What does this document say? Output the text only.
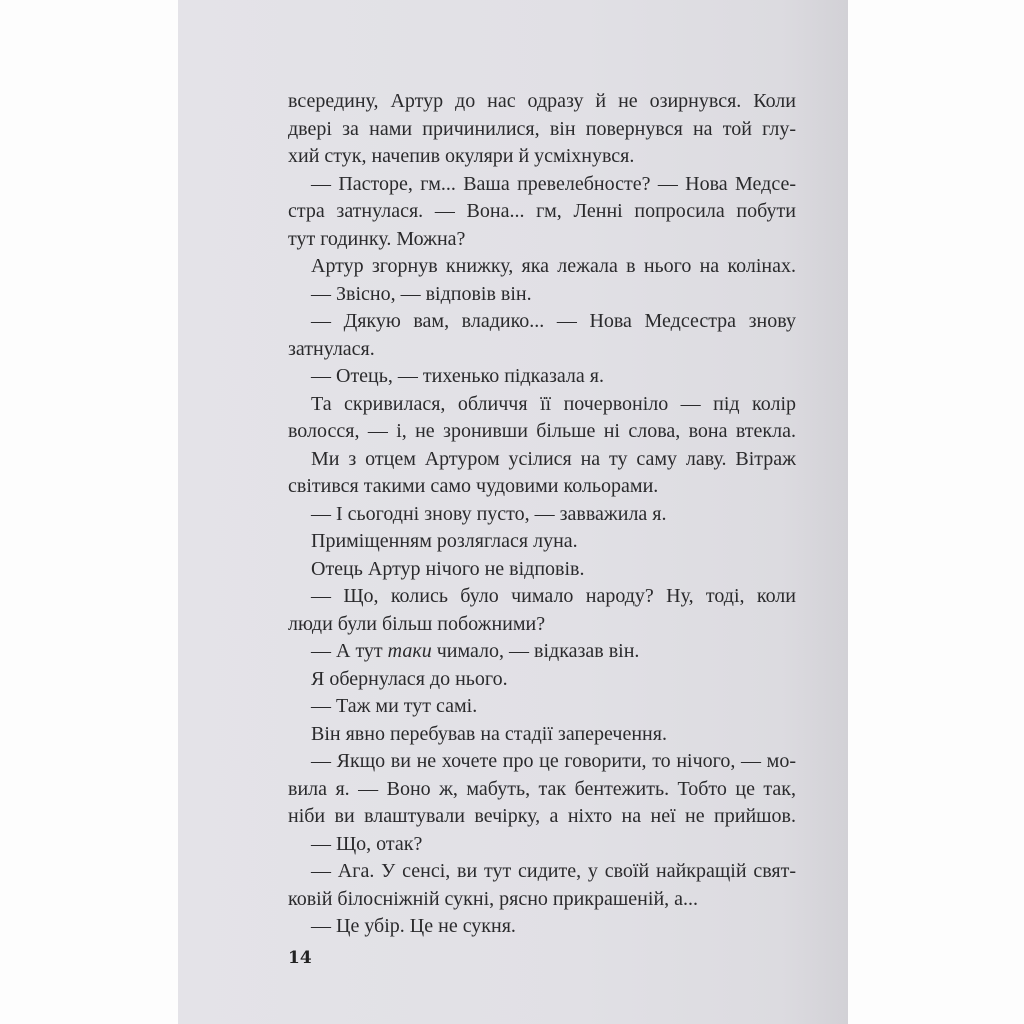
всередину, Артур до нас одразу й не озирнувся. Коли
двері за нами причинилися, він повернувся на той глу-
хий стук, начепив окуляри й усміхнувся.
— Пасторе, гм... Ваша превелебносте? — Нова Медсе-
стра затнулася. — Вона... гм, Ленні попросила побути
тут годинку. Можна?
Артур згорнув книжку, яка лежала в нього на колінах.
— Звісно, — відповів він.
— Дякую вам, владико... — Нова Медсестра знову
затнулася.
— Отець, — тихенько підказала я.
Та скривилася, обличчя її почервоніло — під колір
волосся, — і, не зронивши більше ні слова, вона втекла.
Ми з отцем Артуром усілися на ту саму лаву. Вітраж
світився такими само чудовими кольорами.
— І сьогодні знову пусто, — завважила я.
Приміщенням розляглася луна.
Отець Артур нічого не відповів.
— Що, колись було чимало народу? Ну, тоді, коли
люди були більш побожними?
— А тут таки чимало, — відказав він.
Я обернулася до нього.
— Таж ми тут самі.
Він явно перебував на стадії заперечення.
— Якщо ви не хочете про це говорити, то нічого, — мо-
вила я. — Воно ж, мабуть, так бентежить. Тобто це так,
ніби ви влаштували вечірку, а ніхто на неї не прийшов.
— Що, отак?
— Ага. У сенсі, ви тут сидите, у своїй найкращій свят-
ковій білосніжній сукні, рясно прикрашеній, а...
— Це убір. Це не сукня.
14
